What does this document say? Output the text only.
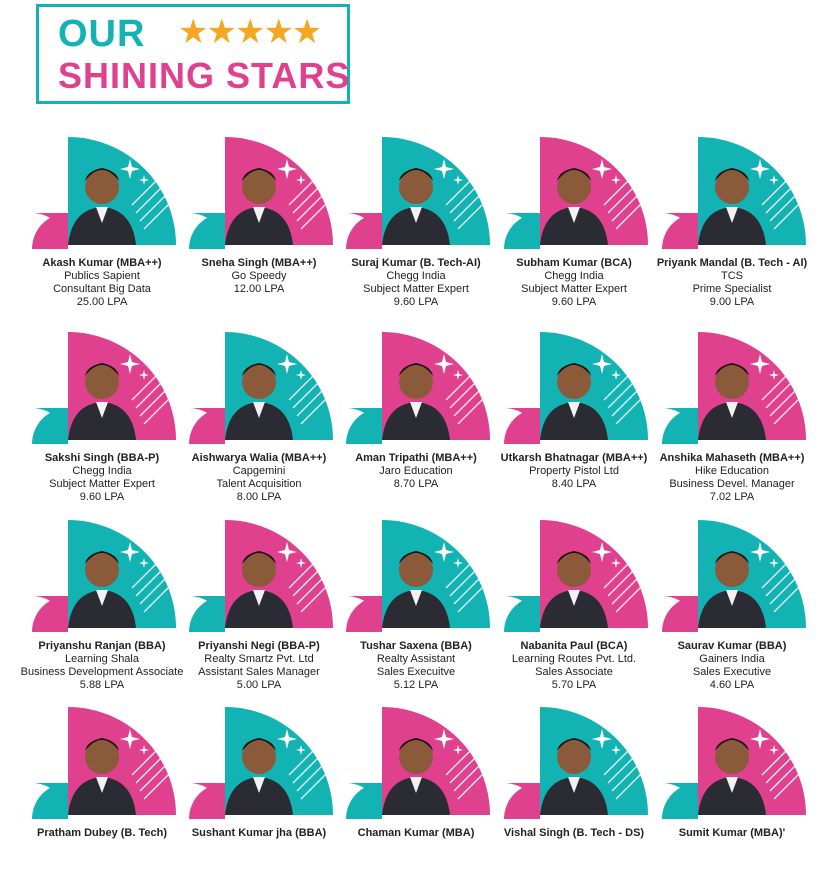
OUR ★★★★★
SHINING STARS
Akash Kumar (MBA++)
Publics Sapient
Consultant Big Data
25.00 LPA
Sneha Singh (MBA++)
Go Speedy
12.00 LPA
Suraj Kumar (B. Tech-AI)
Chegg India
Subject Matter Expert
9.60 LPA
Subham Kumar (BCA)
Chegg India
Subject Matter Expert
9.60 LPA
Priyank Mandal (B. Tech - AI)
TCS
Prime Specialist
9.00 LPA
Sakshi Singh (BBA-P)
Chegg India
Subject Matter Expert
9.60 LPA
Aishwarya Walia (MBA++)
Capgemini
Talent Acquisition
8.00 LPA
Aman Tripathi (MBA++)
Jaro Education
8.70 LPA
Utkarsh Bhatnagar (MBA++)
Property Pistol Ltd
8.40 LPA
Anshika Mahaseth (MBA++)
Hike Education
Business Devel. Manager
7.02 LPA
Priyanshu Ranjan (BBA)
Learning Shala
Business Development Associate
5.88 LPA
Priyanshi Negi (BBA-P)
Realty Smartz Pvt. Ltd
Assistant Sales Manager
5.00 LPA
Tushar Saxena (BBA)
Realty Assistant
Sales Execuitve
5.12 LPA
Nabanita Paul (BCA)
Learning Routes Pvt. Ltd.
Sales Associate
5.70 LPA
Saurav Kumar (BBA)
Gainers India
Sales Executive
4.60 LPA
Pratham Dubey (B. Tech)	Sushant Kumar jha (BBA)	Chaman Kumar (MBA)	Vishal Singh (B. Tech - DS)	Sumit Kumar (MBA)'
